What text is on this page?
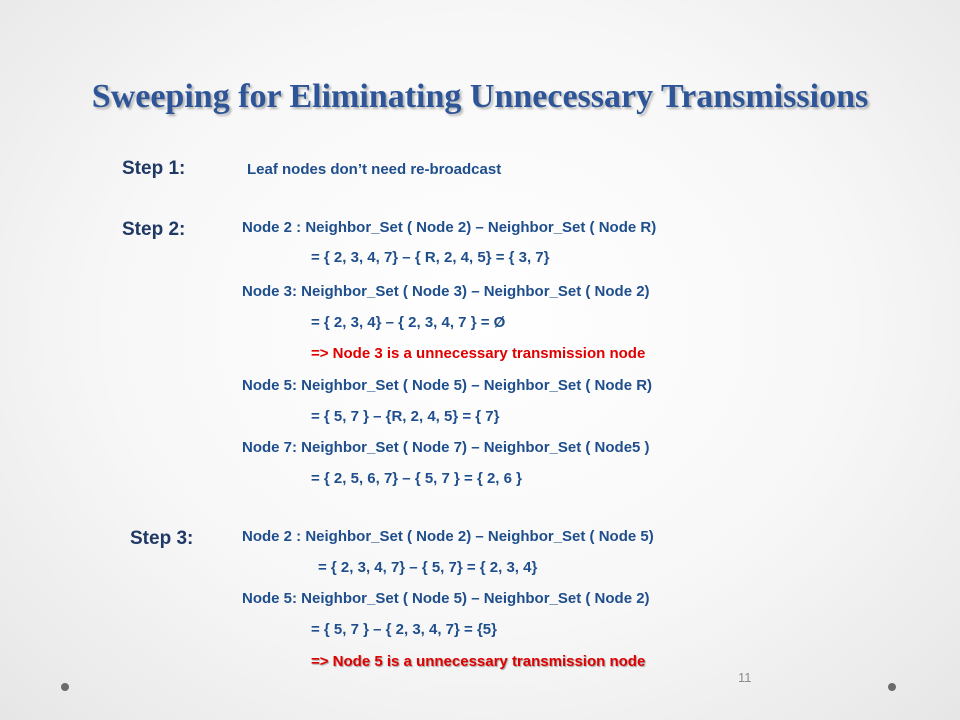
Sweeping for Eliminating Unnecessary Transmissions
Step 1:	Leaf nodes don’t need re-broadcast
Step 2:	Node 2 : Neighbor_Set ( Node 2) – Neighbor_Set ( Node R)
= { 2, 3, 4, 7} – { R, 2, 4, 5} = { 3, 7}
Node 3: Neighbor_Set ( Node 3) – Neighbor_Set ( Node 2)
= { 2, 3, 4} – { 2, 3, 4, 7 } = Ø
=> Node 3 is a unnecessary transmission node
Node 5: Neighbor_Set ( Node 5) – Neighbor_Set ( Node R)
= { 5, 7 } – {R, 2, 4, 5} = { 7}
Node 7: Neighbor_Set ( Node 7) – Neighbor_Set ( Node5 )
= { 2, 5, 6, 7} – { 5, 7 } = { 2, 6 }
Step 3:	Node 2 : Neighbor_Set ( Node 2) – Neighbor_Set ( Node 5)
= { 2, 3, 4, 7} – { 5, 7} = { 2, 3, 4}
Node 5: Neighbor_Set ( Node 5) – Neighbor_Set ( Node 2)
= { 5, 7 } – { 2, 3, 4, 7} = {5}
=> Node 5 is a unnecessary transmission node
11
